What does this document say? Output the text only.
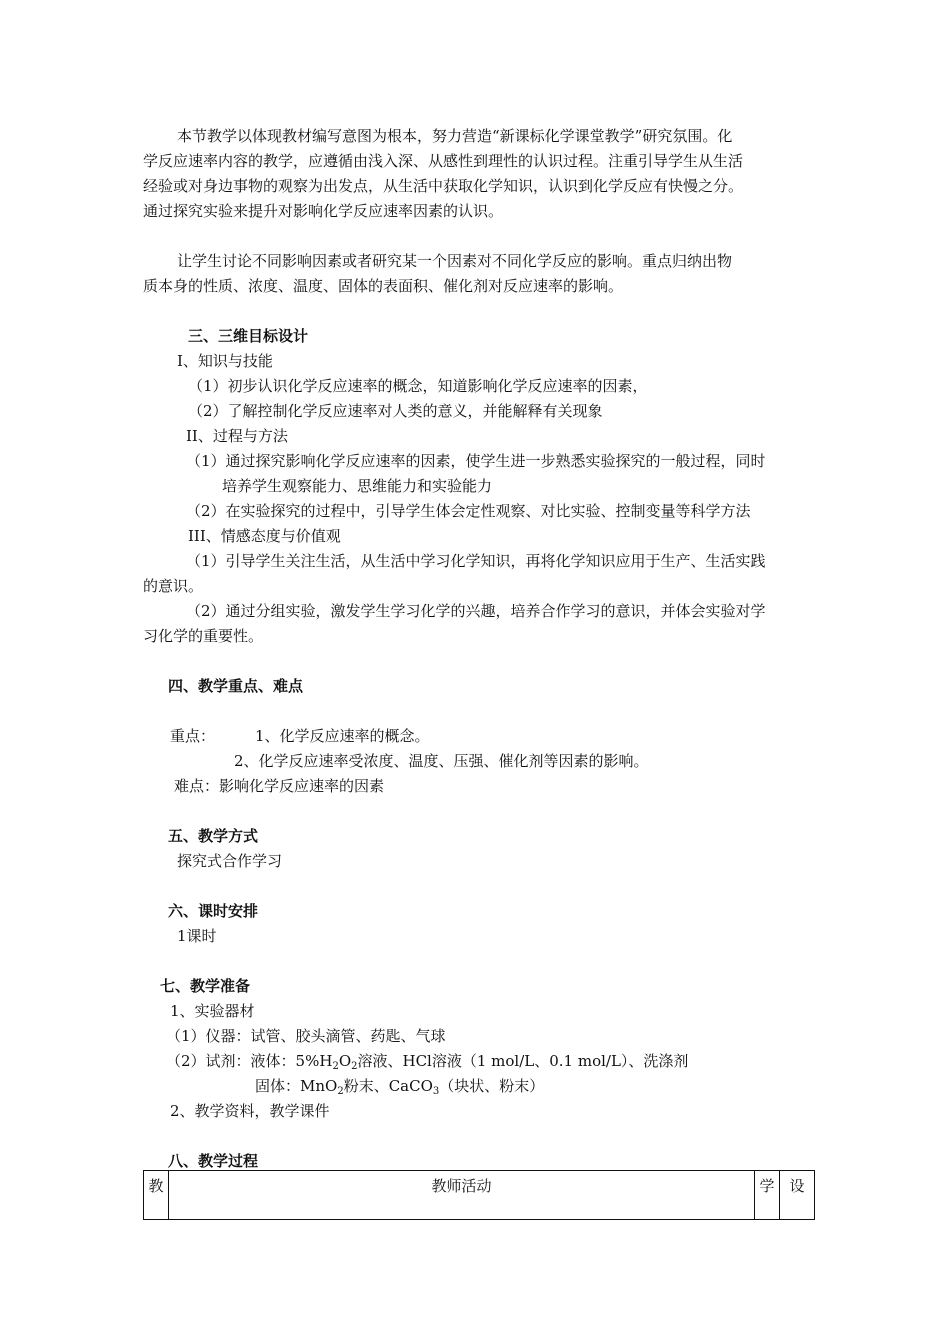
本节教学以体现教材编写意图为根本，努力营造“新课标化学课堂教学”研究氛围。化
学反应速率内容的教学，应遵循由浅入深、从感性到理性的认识过程。注重引导学生从生活
经验或对身边事物的观察为出发点，从生活中获取化学知识，认识到化学反应有快慢之分。
通过探究实验来提升对影响化学反应速率因素的认识。
让学生讨论不同影响因素或者研究某一个因素对不同化学反应的影响。重点归纳出物
质本身的性质、浓度、温度、固体的表面积、催化剂对反应速率的影响。
三、三维目标设计
I、知识与技能
（1）初步认识化学反应速率的概念，知道影响化学反应速率的因素，
（2）了解控制化学反应速率对人类的意义，并能解释有关现象
II、过程与方法
（1）通过探究影响化学反应速率的因素，使学生进一步熟悉实验探究的一般过程，同时
培养学生观察能力、思维能力和实验能力
（2）在实验探究的过程中，引导学生体会定性观察、对比实验、控制变量等科学方法
III、情感态度与价值观
（1）引导学生关注生活，从生活中学习化学知识，再将化学知识应用于生产、生活实践
的意识。
（2）通过分组实验，激发学生学习化学的兴趣，培养合作学习的意识，并体会实验对学
习化学的重要性。
四、教学重点、难点
重点：	1、化学反应速率的概念。
2、化学反应速率受浓度、温度、压强、催化剂等因素的影响。
难点：影响化学反应速率的因素
五、教学方式
探究式合作学习
六、课时安排
1课时
七、教学准备
1、实验器材
（1）仪器：试管、胶头滴管、药匙、气球
（2）试剂：液体：$5\%H_2O_2$溶液、HCl溶液（1 mol/L、0.1 mol/L）、洗涤剂
固体：MnO$_2$粉末、CaCO$_3$（块状、粉末）
2、教学资料，教学课件
八、教学过程
教	教师活动	学	设
